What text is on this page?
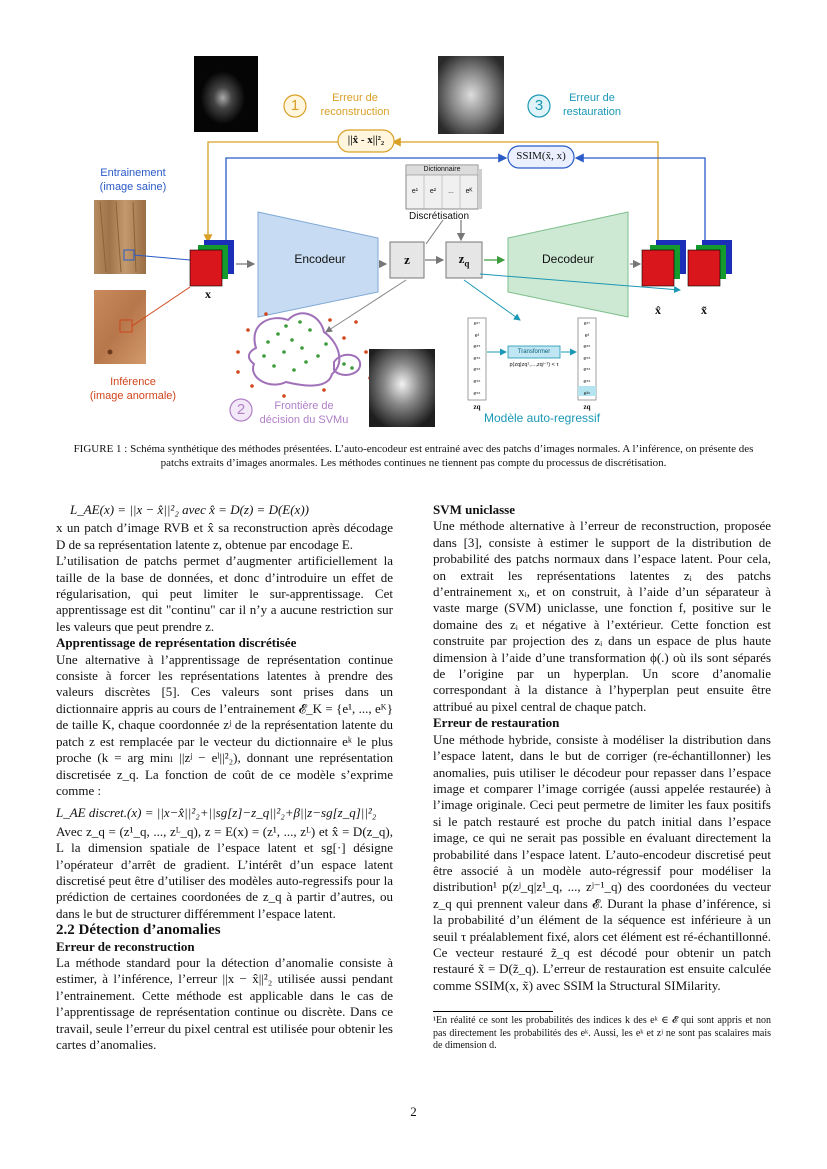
Entrainement
(image saine)
Inférence
(image anormale)
Encodeur	Decodeur
z	$z_q$
x
x̂	x̃
Dictionnaire
e¹	e²	...	eᴷ
Discrétisation
1	Erreur de
reconstruction	3	Erreur de
restauration
2	Frontière de
décision du SVMu	Modèle auto-regressif
||x̂ - x||²₂
SSIM(x̃, x)
Transformer
p(zq|zq¹,...,zqʲ⁻¹) < τ
e¹⁷
e³
e⁸⁵
e⁵⁶
e⁵⁶
e⁵⁶
e⁵⁶
e¹⁷
e³
e⁸⁵
e⁵⁶
e⁵⁶
e⁵⁶
e³⁶
zq	zq
FIGURE 1 : Schéma synthétique des méthodes présentées. L’auto-encodeur est entrainé avec des patchs d’images normales. A l’inférence, on présente des patchs extraits d’images anormales. Les méthodes continues ne tiennent pas compte du processus de discrétisation.

L_AE(x) = ||x − x̂||²₂ avec x̂ = D(z) = D(E(x))

x un patch d’image RVB et x̂ sa reconstruction après décodage D de sa représentation latente z, obtenue par encodage E.

L’utilisation de patchs permet d’augmenter artificiellement la taille de la base de données, et donc d’introduire un effet de régularisation, qui peut limiter le sur-apprentissage. Cet apprentissage est dit "continu" car il n’y a aucune restriction sur les valeurs que peut prendre z.

Apprentissage de représentation discrétisée

Une alternative à l’apprentissage de représentation continue consiste à forcer les représentations latentes à prendre des valeurs discrètes [5]. Ces valeurs sont prises dans un dictionnaire appris au cours de l’entrainement 𝓔_K = {e¹, ..., eᴷ} de taille K, chaque coordonnée zʲ de la représentation latente du patch z est remplacée par le vecteur du dictionnaire eᵏ le plus proche (k = arg minₗ ||zʲ − eˡ||²₂), donnant une représentation discretisée z_q. La fonction de coût de ce modèle s’exprime comme :

L_AE discret.(x) = ||x−x̂||²₂+||sg[z]−z_q||²₂+β||z−sg[z_q]||²₂

Avec z_q = (z¹_q, ..., zᴸ_q), z = E(x) = (z¹, ..., zᴸ) et x̂ = D(z_q), L la dimension spatiale de l’espace latent et sg[·] désigne l’opérateur d’arrêt de gradient. L’intérêt d’un espace latent discretisé peut être d’utiliser des modèles auto-regressifs pour la prédiction de certaines coordonées de z_q à partir d’autres, ou dans le but de structurer différemment l’espace latent.

2.2 Détection d’anomalies

Erreur de reconstruction

La méthode standard pour la détection d’anomalie consiste à estimer, à l’inférence, l’erreur ||x − x̂||²₂ utilisée aussi pendant l’entrainement. Cette méthode est applicable dans le cas de l’apprentissage de représentation continue ou discrète. Dans ce travail, seule l’erreur du pixel central est utilisée pour obtenir les cartes d’anomalies.

SVM uniclasse

Une méthode alternative à l’erreur de reconstruction, proposée dans [3], consiste à estimer le support de la distribution de probabilité des patchs normaux dans l’espace latent. Pour cela, on extrait les représentations latentes zᵢ des patchs d’entrainement xᵢ, et on construit, à l’aide d’un séparateur à vaste marge (SVM) uniclasse, une fonction f, positive sur le domaine des zᵢ et négative à l’extérieur. Cette fonction est construite par projection des zᵢ dans un espace de plus haute dimension à l’aide d’une transformation ϕ(.) où ils sont séparés de l’origine par un hyperplan. Un score d’anomalie correspondant à la distance à l’hyperplan peut ensuite être attribué au pixel central de chaque patch.

Erreur de restauration

Une méthode hybride, consiste à modéliser la distribution dans l’espace latent, dans le but de corriger (re-échantillonner) les anomalies, puis utiliser le décodeur pour repasser dans l’espace image et comparer l’image corrigée (aussi appelée restaurée) à l’image originale. Ceci peut permetre de limiter les faux positifs si le patch restauré est proche du patch initial dans l’espace image, ce qui ne serait pas possible en évaluant directement la probabilité dans l’espace latent. L’auto-encodeur discretisé peut être associé à un modèle auto-régressif pour modéliser la distribution¹ p(zʲ_q|z¹_q, ..., zʲ⁻¹_q) des coordonées du vecteur z_q qui prennent valeur dans 𝓔. Durant la phase d’inférence, si la probabilité d’un élément de la séquence est inférieure à un seuil τ préalablement fixé, alors cet élément est ré-échantillonné. Ce vecteur restauré z̃_q est décodé pour obtenir un patch restauré x̃ = D(z̃_q). L’erreur de restauration est ensuite calculée comme SSIM(x, x̃) avec SSIM la Structural SIMilarity.

¹En réalité ce sont les probabilités des indices k des eᵏ ∈ 𝓔 qui sont appris et non pas directement les probabilités des eᵏ. Aussi, les eᵏ et zʲ ne sont pas scalaires mais de dimension d.
2
